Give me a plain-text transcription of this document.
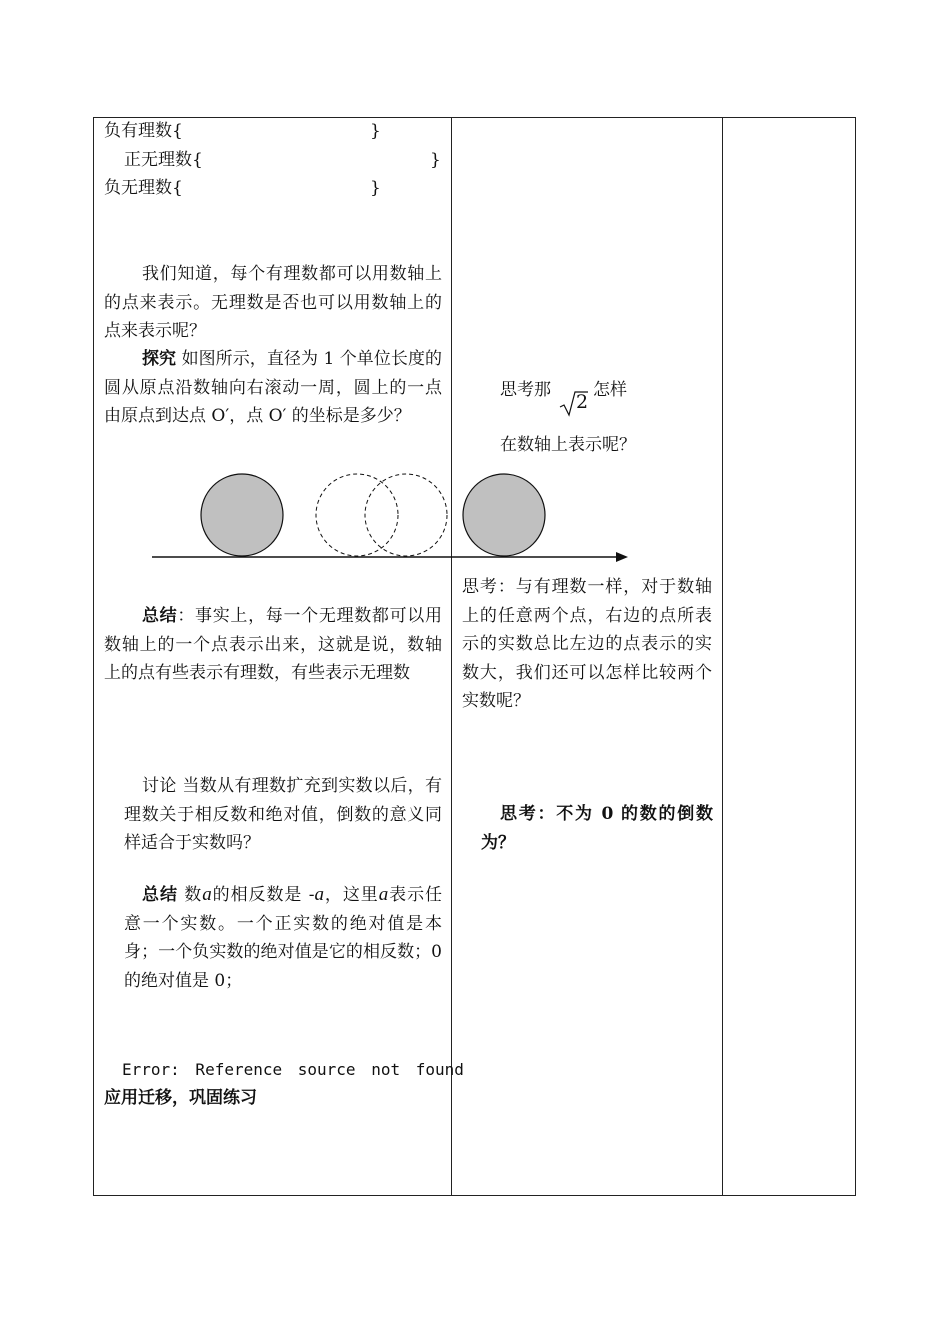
负有理数{	}
正无理数{	}
负无理数{	}
我们知道，每个有理数都可以用数轴上的点来表示。无理数是否也可以用数轴上的点来表示呢？
探究 如图所示，直径为 1 个单位长度的圆从原点沿数轴向右滚动一周，圆上的一点由原点到达点 O′，点 O′ 的坐标是多少？
总结：事实上，每一个无理数都可以用数轴上的一个点表示出来，这就是说，数轴上的点有些表示有理数，有些表示无理数
讨论 当数从有理数扩充到实数以后，有理数关于相反数和绝对值，倒数的意义同样适合于实数吗？
总结 数a的相反数是 -a，这里a表示任意一个实数。一个正实数的绝对值是本身；一个负实数的绝对值是它的相反数；0 的绝对值是 0；
Error: Reference source not found
应用迁移，巩固练习
思考那
2
怎样
在数轴上表示呢？
思考：与有理数一样，对于数轴上的任意两个点，右边的点所表示的实数总比左边的点表示的实数大，我们还可以怎样比较两个实数呢？
思考：不为 0 的数的倒数为？
